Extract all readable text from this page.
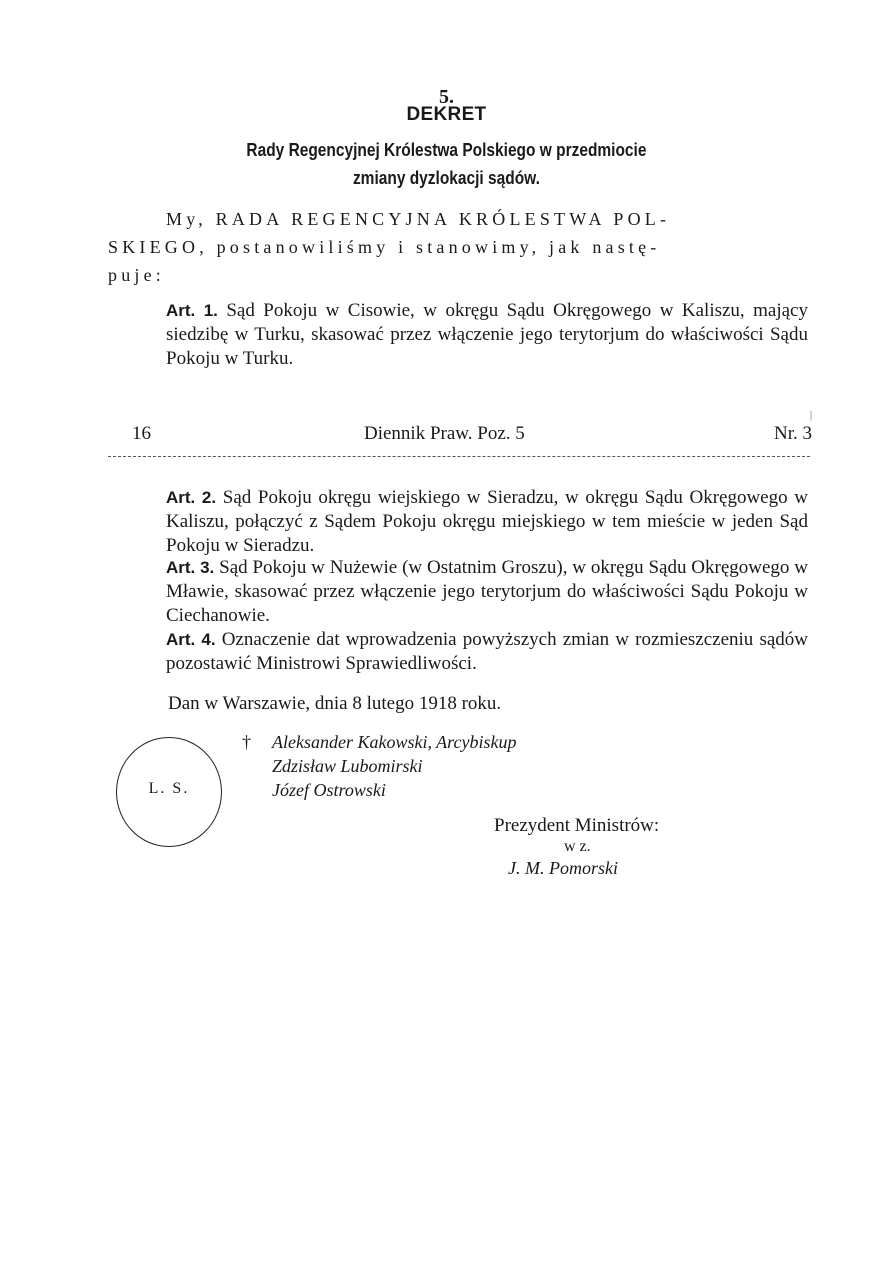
5.
DEKRET
Rady Regencyjnej Królestwa Polskiego w przedmiocie
zmiany dyzlokacji sądów.
My, RADA REGENCYJNA KRÓLESTWA POL-
SKIEGO, postanowiliśmy i stanowimy, jak nastę-
puje:
Art. 1. Sąd Pokoju w Cisowie, w okręgu Sądu Okręgowego w Kaliszu, mający siedzibę w Turku, skasować przez włączenie jego terytorjum do właściwości Sądu Pokoju w Turku.
|
16	Diennik Praw. Poz. 5	Nr. 3
Art. 2. Sąd Pokoju okręgu wiejskiego w Sieradzu, w okręgu Sądu Okręgowego w Kaliszu, połączyć z Sądem Pokoju okręgu miejskiego w tem mieście w jeden Sąd Pokoju w Sieradzu.
Art. 3. Sąd Pokoju w Nużewie (w Ostatnim Groszu), w okręgu Sądu Okręgowego w Mławie, skasować przez włączenie jego terytorjum do właściwości Sądu Pokoju w Ciechanowie.
Art. 4. Oznaczenie dat wprowadzenia powyższych zmian w rozmieszczeniu sądów pozostawić Ministrowi Sprawiedliwości.
Dan w Warszawie, dnia 8 lutego 1918 roku.
L. S.
† Aleksander Kakowski, Arcybiskup
Zdzisław Lubomirski
Józef Ostrowski
Prezydent Ministrów:
w z.
J. M. Pomorski
